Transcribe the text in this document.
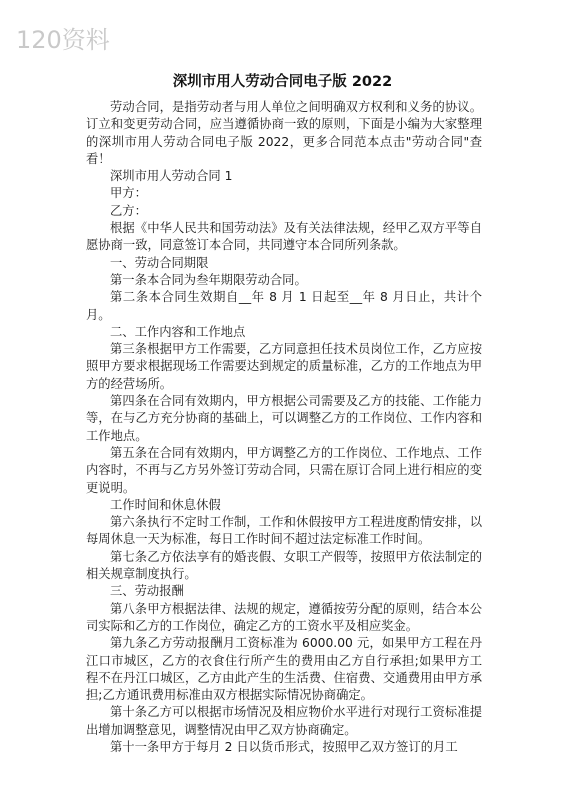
120资料
深圳市用人劳动合同电子版 2022

劳动合同，是指劳动者与用人单位之间明确双方权利和义务的协议。订立和变更劳动合同，应当遵循协商一致的原则，下面是小编为大家整理的深圳市用人劳动合同电子版 2022，更多合同范本点击"劳动合同"查看！

深圳市用人劳动合同 1

甲方：

乙方：

根据《中华人民共和国劳动法》及有关法律法规，经甲乙双方平等自愿协商一致，同意签订本合同，共同遵守本合同所列条款。

一、劳动合同期限

第一条本合同为叁年期限劳动合同。

第二条本合同生效期自__年 8 月 1 日起至__年 8 月日止，共计个月。

二、工作内容和工作地点

第三条根据甲方工作需要，乙方同意担任技术员岗位工作，乙方应按照甲方要求根据现场工作需要达到规定的质量标准，乙方的工作地点为甲方的经营场所。

第四条在合同有效期内，甲方根据公司需要及乙方的技能、工作能力等，在与乙方充分协商的基础上，可以调整乙方的工作岗位、工作内容和工作地点。

第五条在合同有效期内，甲方调整乙方的工作岗位、工作地点、工作内容时，不再与乙方另外签订劳动合同，只需在原订合同上进行相应的变更说明。

工作时间和休息休假

第六条执行不定时工作制，工作和休假按甲方工程进度酌情安排，以每周休息一天为标准，每日工作时间不超过法定标准工作时间。

第七条乙方依法享有的婚丧假、女职工产假等，按照甲方依法制定的相关规章制度执行。

三、劳动报酬

第八条甲方根据法律、法规的规定，遵循按劳分配的原则，结合本公司实际和乙方的工作岗位，确定乙方的工资水平及相应奖金。

第九条乙方劳动报酬月工资标准为 6000.00 元，如果甲方工程在丹江口市城区，乙方的衣食住行所产生的费用由乙方自行承担;如果甲方工程不在丹江口城区，乙方由此产生的生活费、住宿费、交通费用由甲方承担;乙方通讯费用标准由双方根据实际情况协商确定。

第十条乙方可以根据市场情况及相应物价水平进行对现行工资标准提出增加调整意见，调整情况由甲乙双方协商确定。

第十一条甲方于每月 2 日以货币形式，按照甲乙双方签订的月工
